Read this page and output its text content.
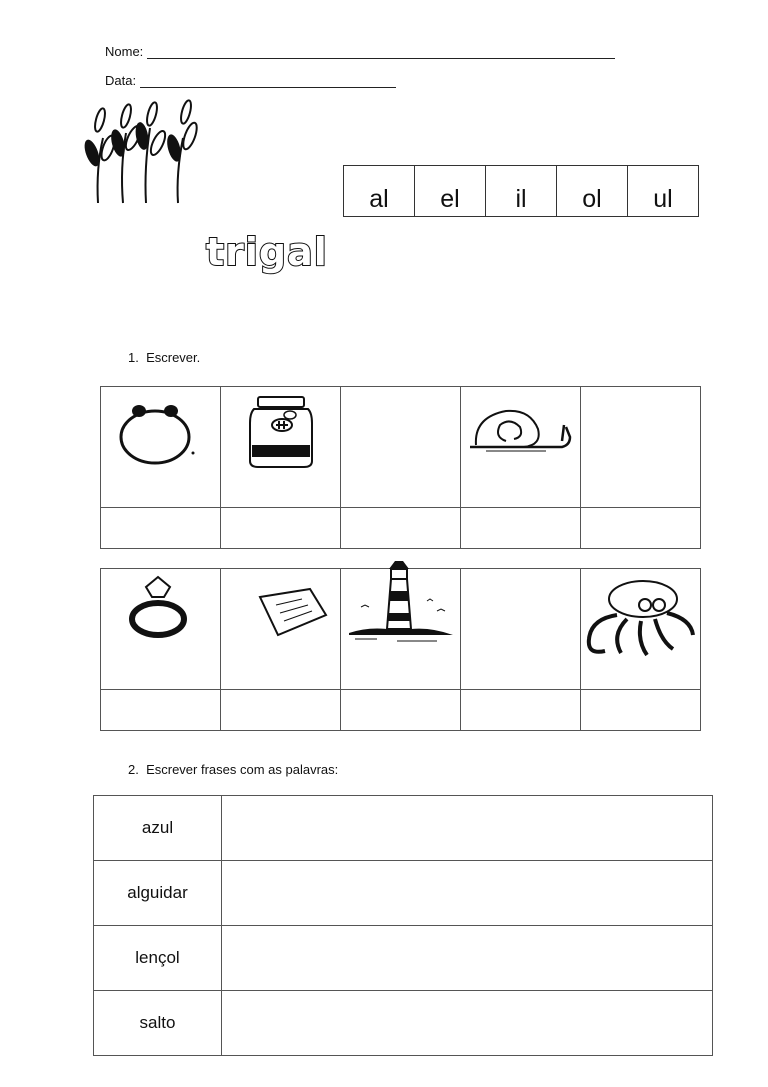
Nome:
Data:
al	el	il	ol	ul
trigal
1. Escrever.

2. Escrever frases com as palavras:
azul	
alguidar	
lençol	
salto	
